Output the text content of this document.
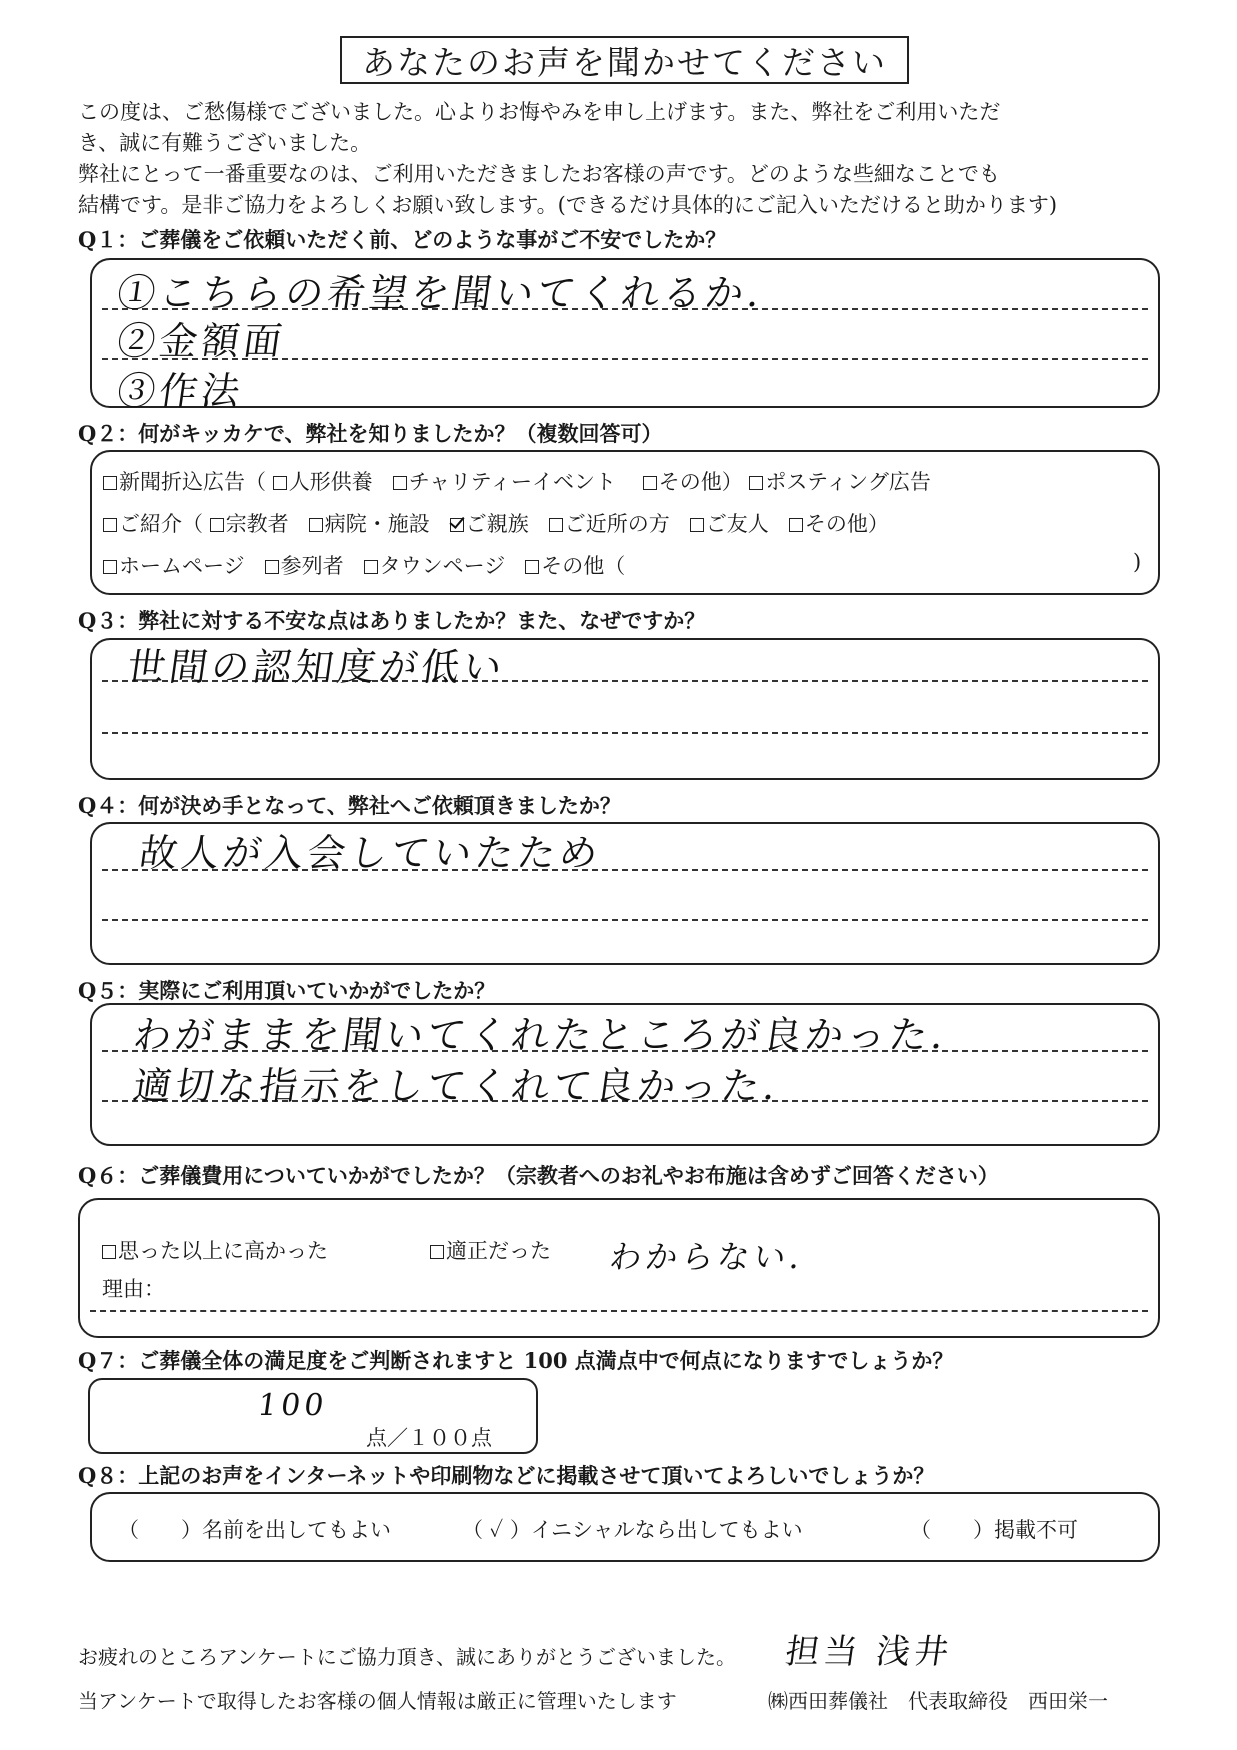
あなたのお声を聞かせてください
この度は、ご愁傷様でございました。心よりお悔やみを申し上げます。また、弊社をご利用いただ
き、誠に有難うございました。
弊社にとって一番重要なのは、ご利用いただきましたお客様の声です。どのような些細なことでも
結構です。是非ご協力をよろしくお願い致します。(できるだけ具体的にご記入いただけると助かります)
Q１：ご葬儀をご依頼いただく前、どのような事がご不安でしたか？
①こちらの希望を聞いてくれるか.
②金額面
③作法
Q２：何がキッカケで、弊社を知りましたか？（複数回答可）
新聞折込広告（ 人形供養 チャリティーイベント その他） ポスティング広告
ご紹介（ 宗教者 病院・施設 ご親族 ご近所の方 ご友人 その他）
ホームページ 参列者 タウンページ その他（	)
Q３：弊社に対する不安な点はありましたか？また、なぜですか？
世間の認知度が低い
Q４：何が決め手となって、弊社へご依頼頂きましたか？
故人が入会していたため
Q５：実際にご利用頂いていかがでしたか？
わがままを聞いてくれたところが良かった.
適切な指示をしてくれて良かった.
Q６：ご葬儀費用についていかがでしたか？（宗教者へのお礼やお布施は含めずご回答ください）
思った以上に高かった	適正だった わからない.
理由：
Q７：ご葬儀全体の満足度をご判断されますと 100 点満点中で何点になりますでしょうか？
100
点／１００点
Q８：上記のお声をインターネットや印刷物などに掲載させて頂いてよろしいでしょうか？
（　　）名前を出してもよい	（ ✓ ）イニシャルなら出してもよい	（　　）掲載不可
お疲れのところアンケートにご協力頂き、誠にありがとうございました。 担当 浅井
当アンケートで取得したお客様の個人情報は厳正に管理いたします	㈱西田葬儀社　代表取締役　西田栄一
